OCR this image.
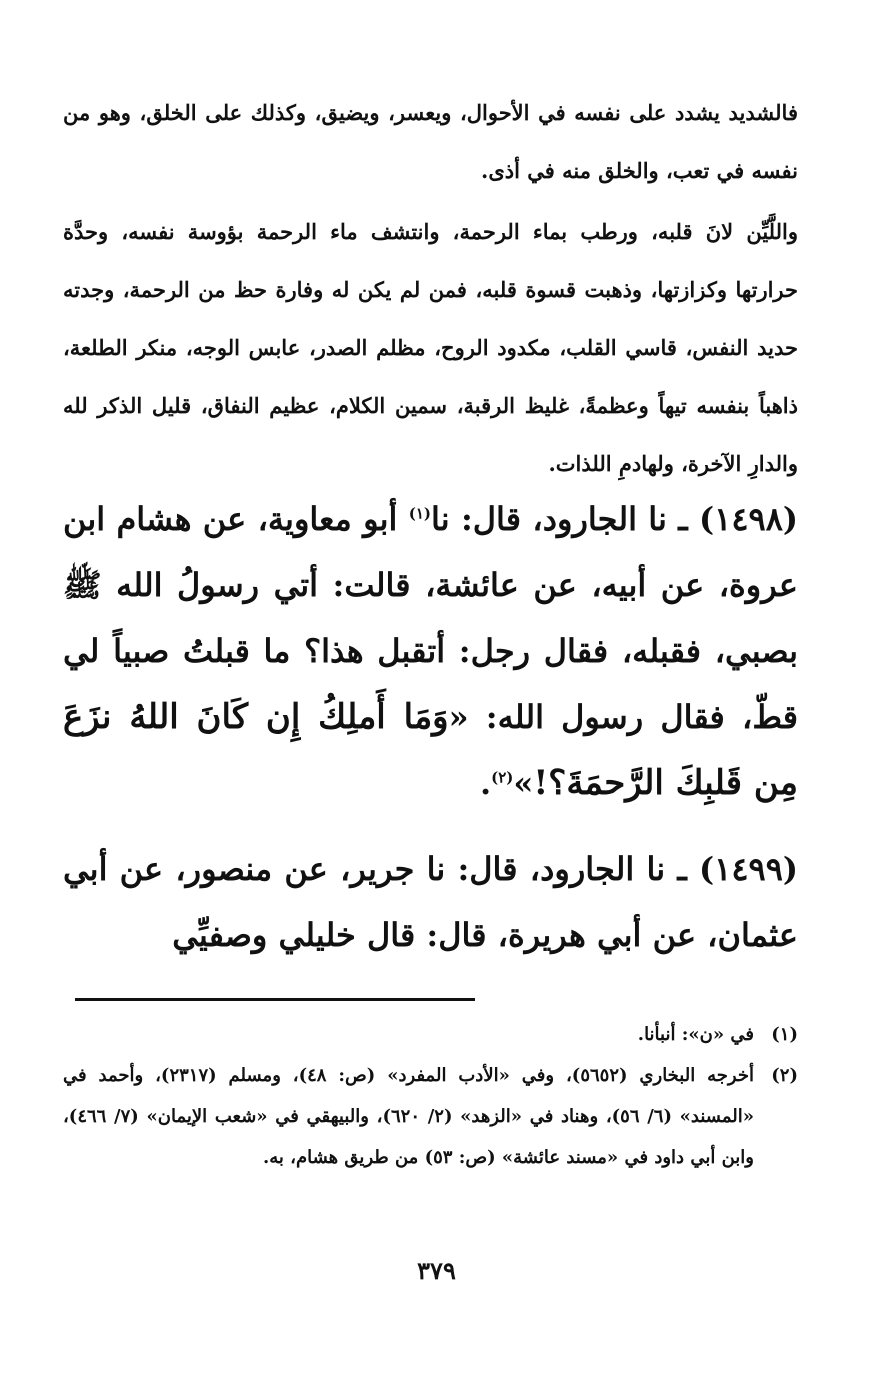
فالشديد يشدد على نفسه في الأحوال، ويعسر، ويضيق، وكذلك على الخلق، وهو من نفسه في تعب، والخلق منه في أذى.

واللَّيِّن لانَ قلبه، ورطب بماء الرحمة، وانتشف ماء الرحمة بؤوسة نفسه، وحدَّة حرارتها وكزازتها، وذهبت قسوة قلبه، فمن لم يكن له وفارة حظ من الرحمة، وجدته حديد النفس، قاسي القلب، مكدود الروح، مظلم الصدر، عابس الوجه، منكر الطلعة، ذاهباً بنفسه تيهاً وعظمةً، غليظ الرقبة، سمين الكلام، عظيم النفاق، قليل الذكر لله والدارِ الآخرة، ولهادمِ اللذات.

(١٤٩٨) ـ نا الجارود، قال: نا$^{(١)}$ أبو معاوية، عن هشام ابن عروة، عن أبيه، عن عائشة، قالت: أتي رسولُ الله ﷺ بصبي، فقبله، فقال رجل: أتقبل هذا؟ ما قبلتُ صبياً لي قطّ، فقال رسول الله: «وَمَا أَملِكُ إِن كَانَ اللهُ نزَعَ مِن قَلبِكَ الرَّحمَةَ؟!»$^{(٢)}$.

(١٤٩٩) ـ نا الجارود، قال: نا جرير، عن منصور، عن أبي عثمان، عن أبي هريرة، قال: قال خليلي وصفيِّي

(١)
في «ن»: أنبأنا.
(٢)
أخرجه البخاري (٥٦٥٢)، وفي «الأدب المفرد» (ص: ٤٨)، ومسلم (٢٣١٧)، وأحمد في «المسند» (٦/ ٥٦)، وهناد في «الزهد» (٢/ ٦٢٠)، والبيهقي في «شعب الإيمان» (٧/ ٤٦٦)، وابن أبي داود في «مسند عائشة» (ص: ٥٣) من طريق هشام، به.
٣٧٩
